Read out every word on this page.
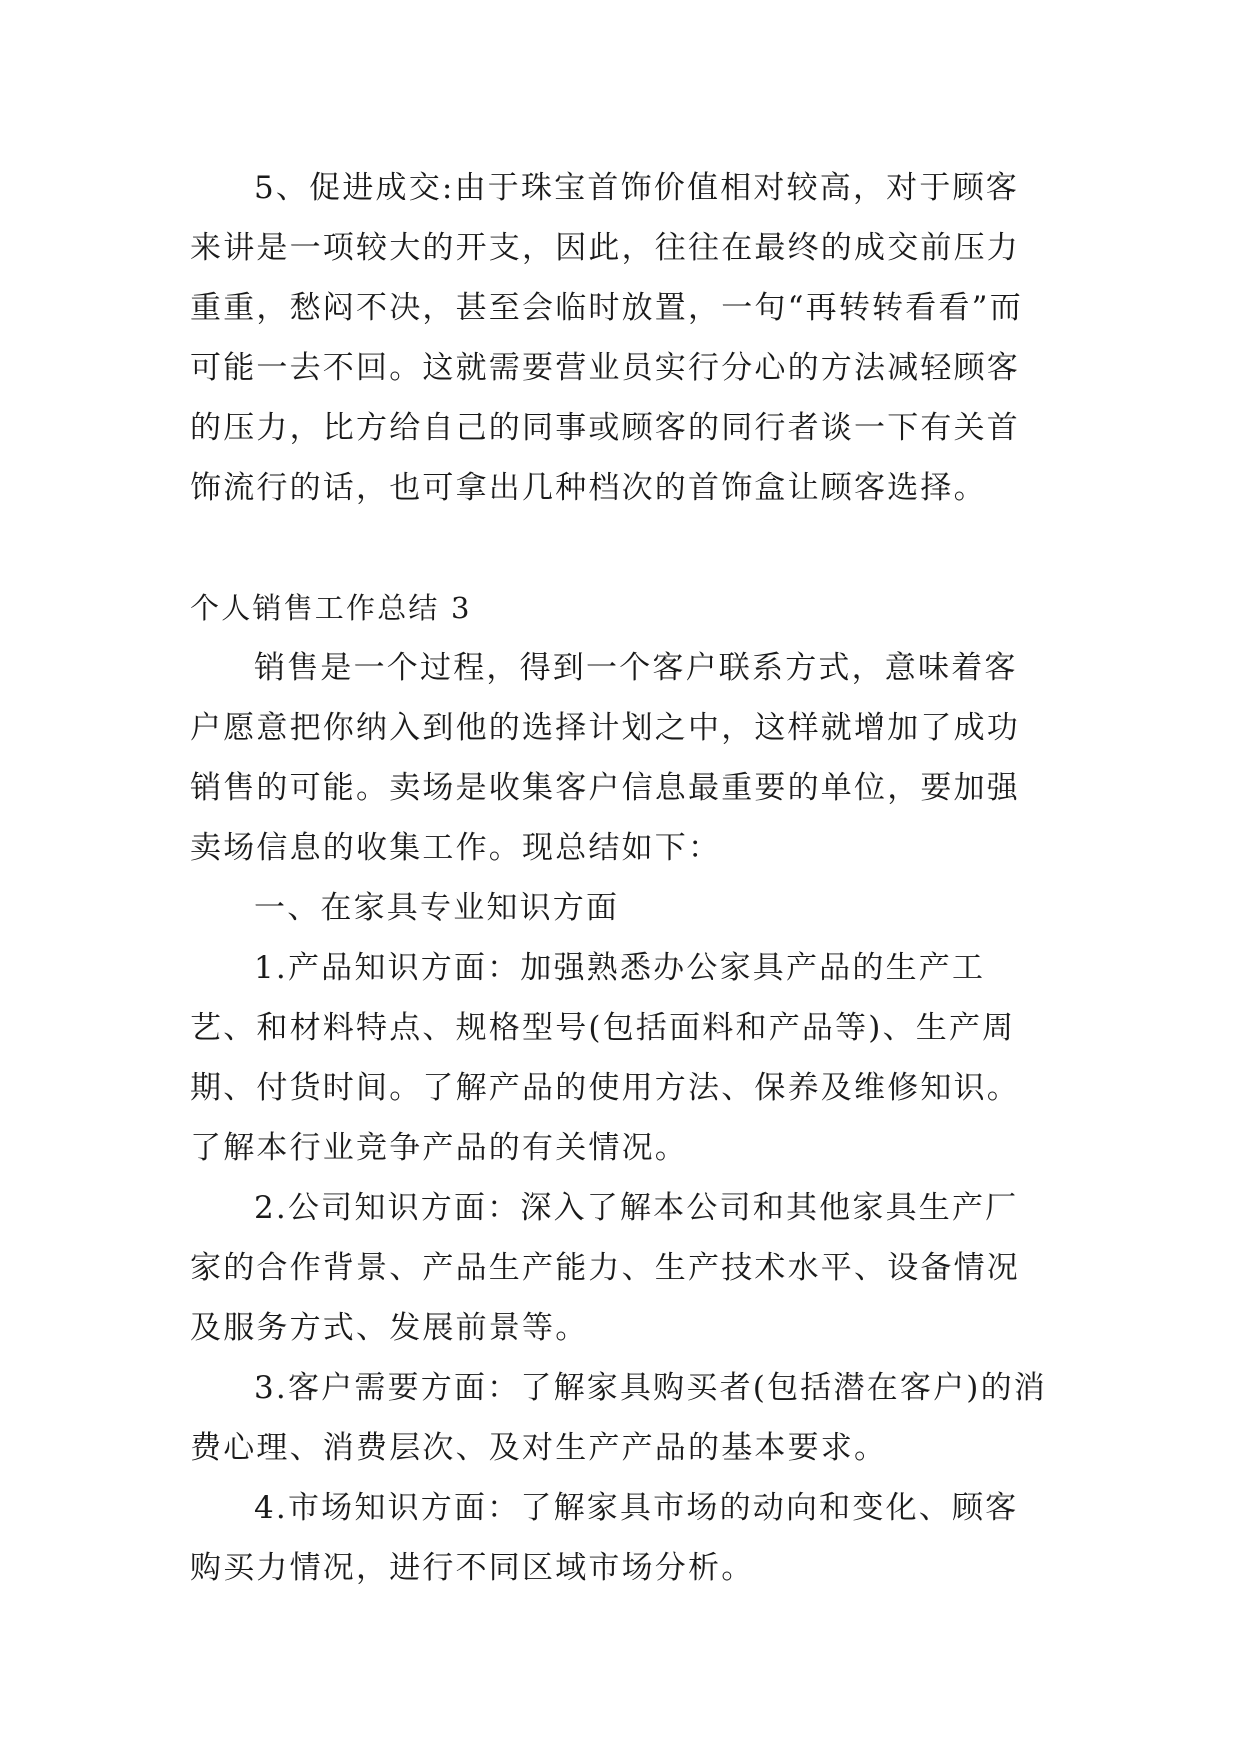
5、促进成交:由于珠宝首饰价值相对较高，对于顾客来讲是一项较大的开支，因此，往往在最终的成交前压力重重，愁闷不决，甚至会临时放置，一句“再转转看看”而可能一去不回。这就需要营业员实行分心的方法减轻顾客的压力，比方给自己的同事或顾客的同行者谈一下有关首饰流行的话，也可拿出几种档次的首饰盒让顾客选择。

个人销售工作总结 3

销售是一个过程，得到一个客户联系方式，意味着客户愿意把你纳入到他的选择计划之中，这样就增加了成功销售的可能。卖场是收集客户信息最重要的单位，要加强卖场信息的收集工作。现总结如下：

一、在家具专业知识方面

1.产品知识方面：加强熟悉办公家具产品的生产工艺、和材料特点、规格型号(包括面料和产品等)、生产周期、付货时间。了解产品的使用方法、保养及维修知识。了解本行业竞争产品的有关情况。

2.公司知识方面：深入了解本公司和其他家具生产厂家的合作背景、产品生产能力、生产技术水平、设备情况及服务方式、发展前景等。

3.客户需要方面：了解家具购买者(包括潜在客户)的消费心理、消费层次、及对生产产品的基本要求。

4.市场知识方面：了解家具市场的动向和变化、顾客购买力情况，进行不同区域市场分析。
